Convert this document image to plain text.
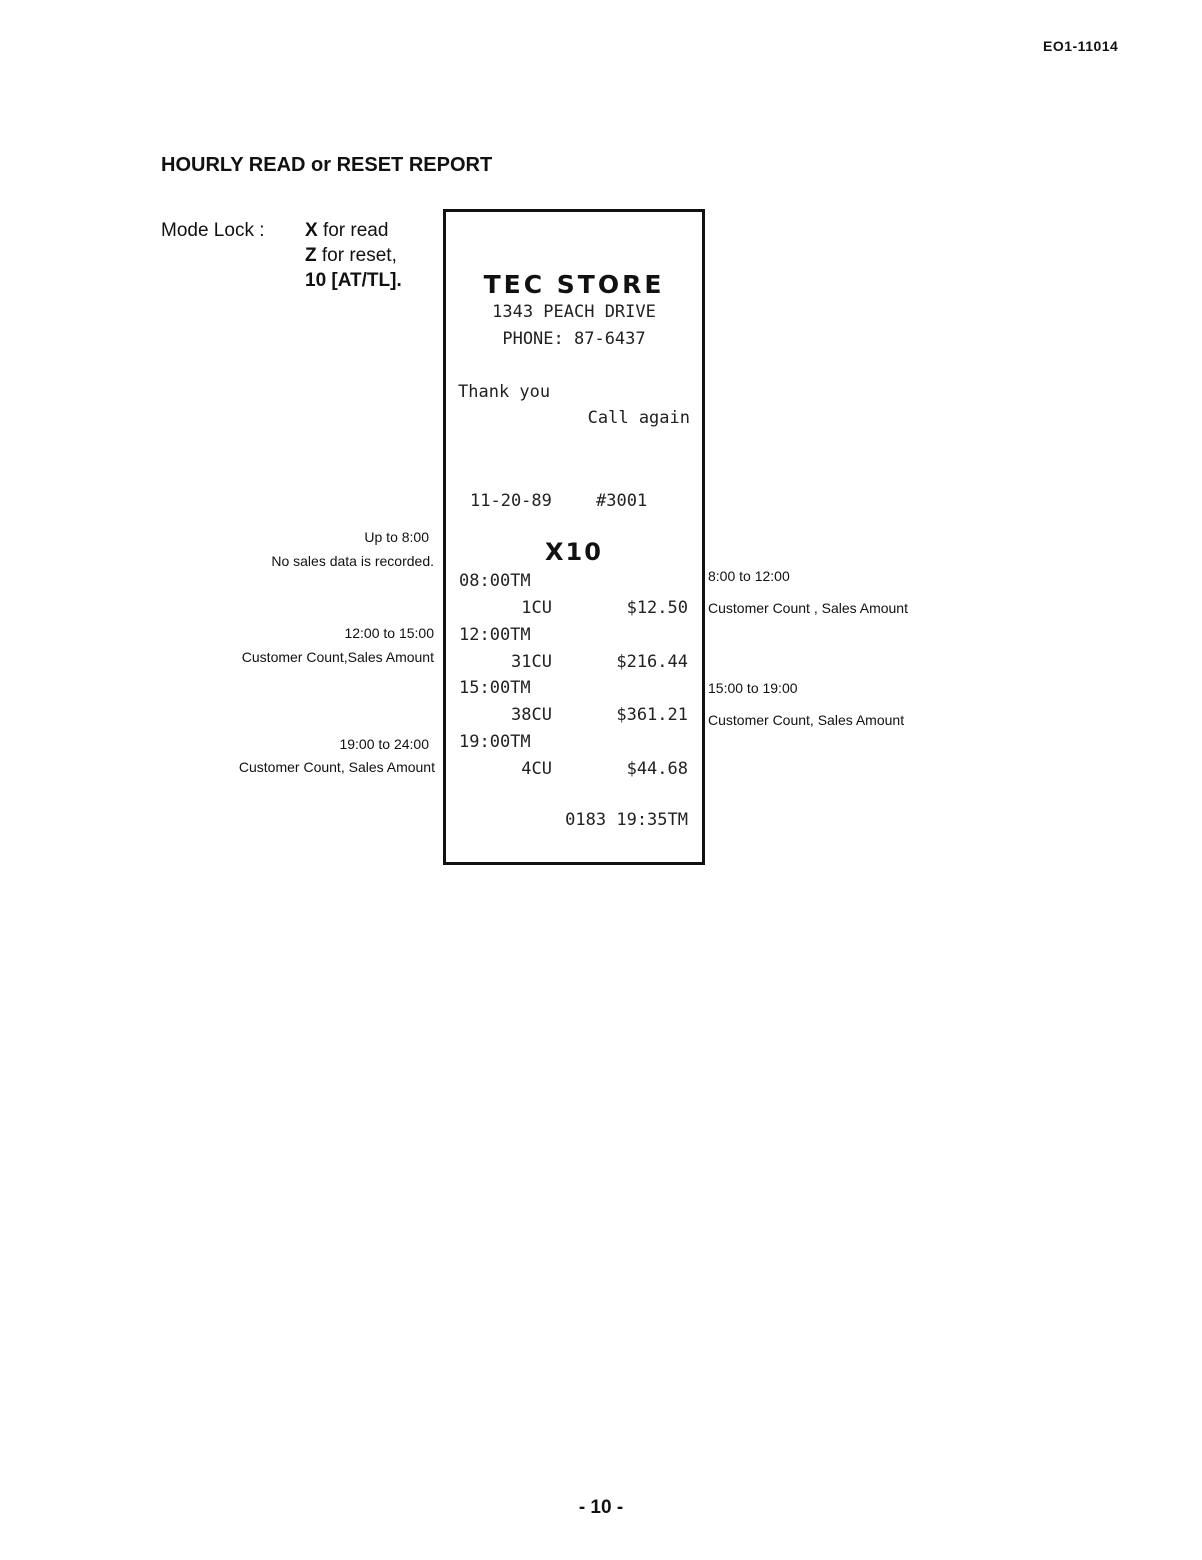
EO1-11014
HOURLY READ or RESET REPORT
Mode Lock : X for read
Z for reset,
10 [AT/TL].
Up to 8:00
No sales data is recorded.
12:00 to 15:00
Customer Count,Sales Amount
19:00 to 24:00
Customer Count, Sales Amount
8:00 to 12:00
Customer Count , Sales Amount
15:00 to 19:00
Customer Count, Sales Amount
TEC STORE
1343 PEACH DRIVE
PHONE: 87-6437
Thank you
Call again
11-20-89	#3001
X10
08:00TM
1CU	$12.50
12:00TM
31CU	$216.44
15:00TM
38CU	$361.21
19:00TM
4CU	$44.68
0183 19:35TM
- 10 -
